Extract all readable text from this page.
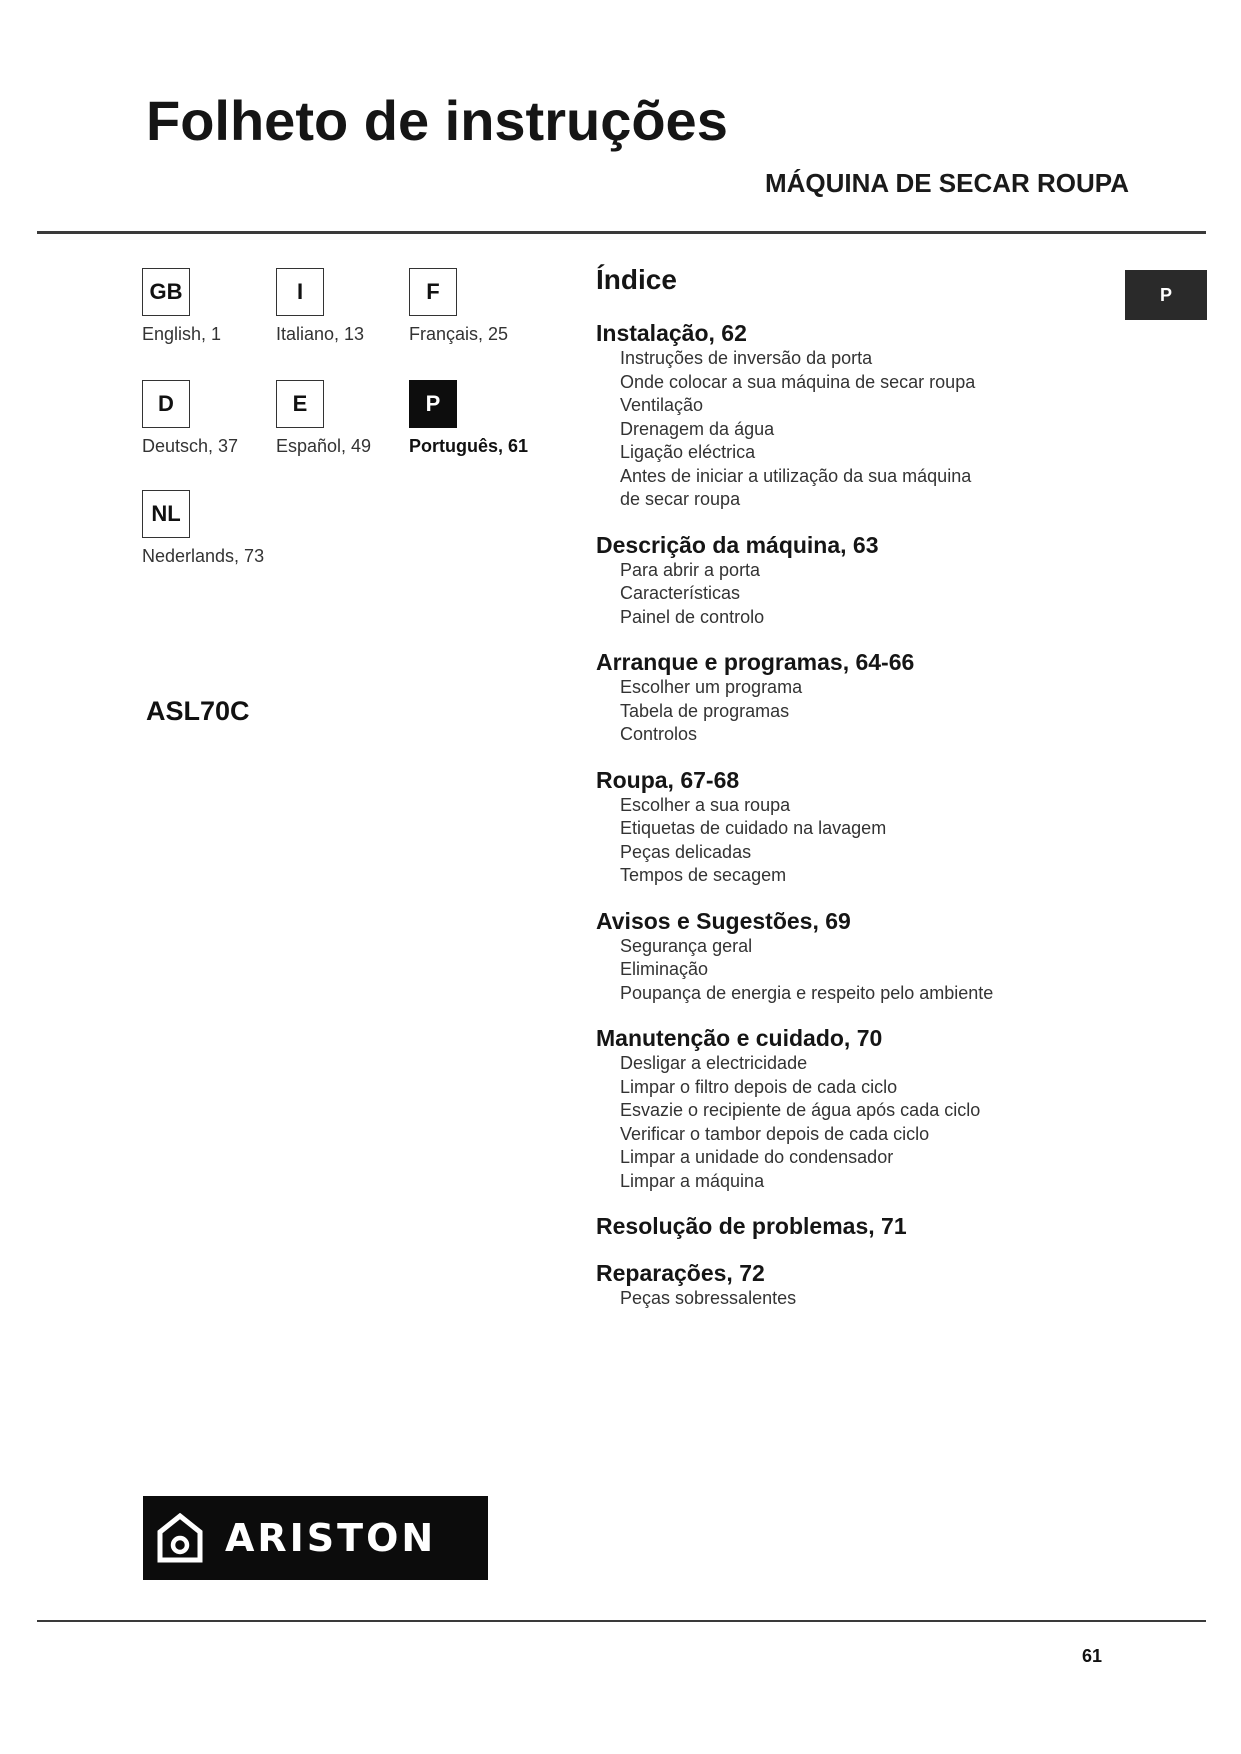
Folheto de instruções
MÁQUINA DE SECAR ROUPA
GB
English, 1
I
Italiano, 13
F
Français, 25
D
Deutsch, 37
E
Español, 49
P
Português, 61
NL
Nederlands, 73
ASL70C
ARISTON
Índice
Instalação, 62
Instruções de inversão da porta
Onde colocar a sua máquina de secar roupa
Ventilação
Drenagem da água
Ligação eléctrica
Antes de iniciar a utilização da sua máquina
de secar roupa
Descrição da máquina, 63
Para abrir a porta
Características
Painel de controlo
Arranque e programas, 64-66
Escolher um programa
Tabela de programas
Controlos
Roupa, 67-68
Escolher a sua roupa
Etiquetas de cuidado na lavagem
Peças delicadas
Tempos de secagem
Avisos e Sugestões, 69
Segurança geral
Eliminação
Poupança de energia e respeito pelo ambiente
Manutenção e cuidado, 70
Desligar a electricidade
Limpar o filtro depois de cada ciclo
Esvazie o recipiente de água após cada ciclo
Verificar o tambor depois de cada ciclo
Limpar a unidade do condensador
Limpar a máquina
Resolução de problemas, 71
Reparações, 72
Peças sobressalentes
P
61
